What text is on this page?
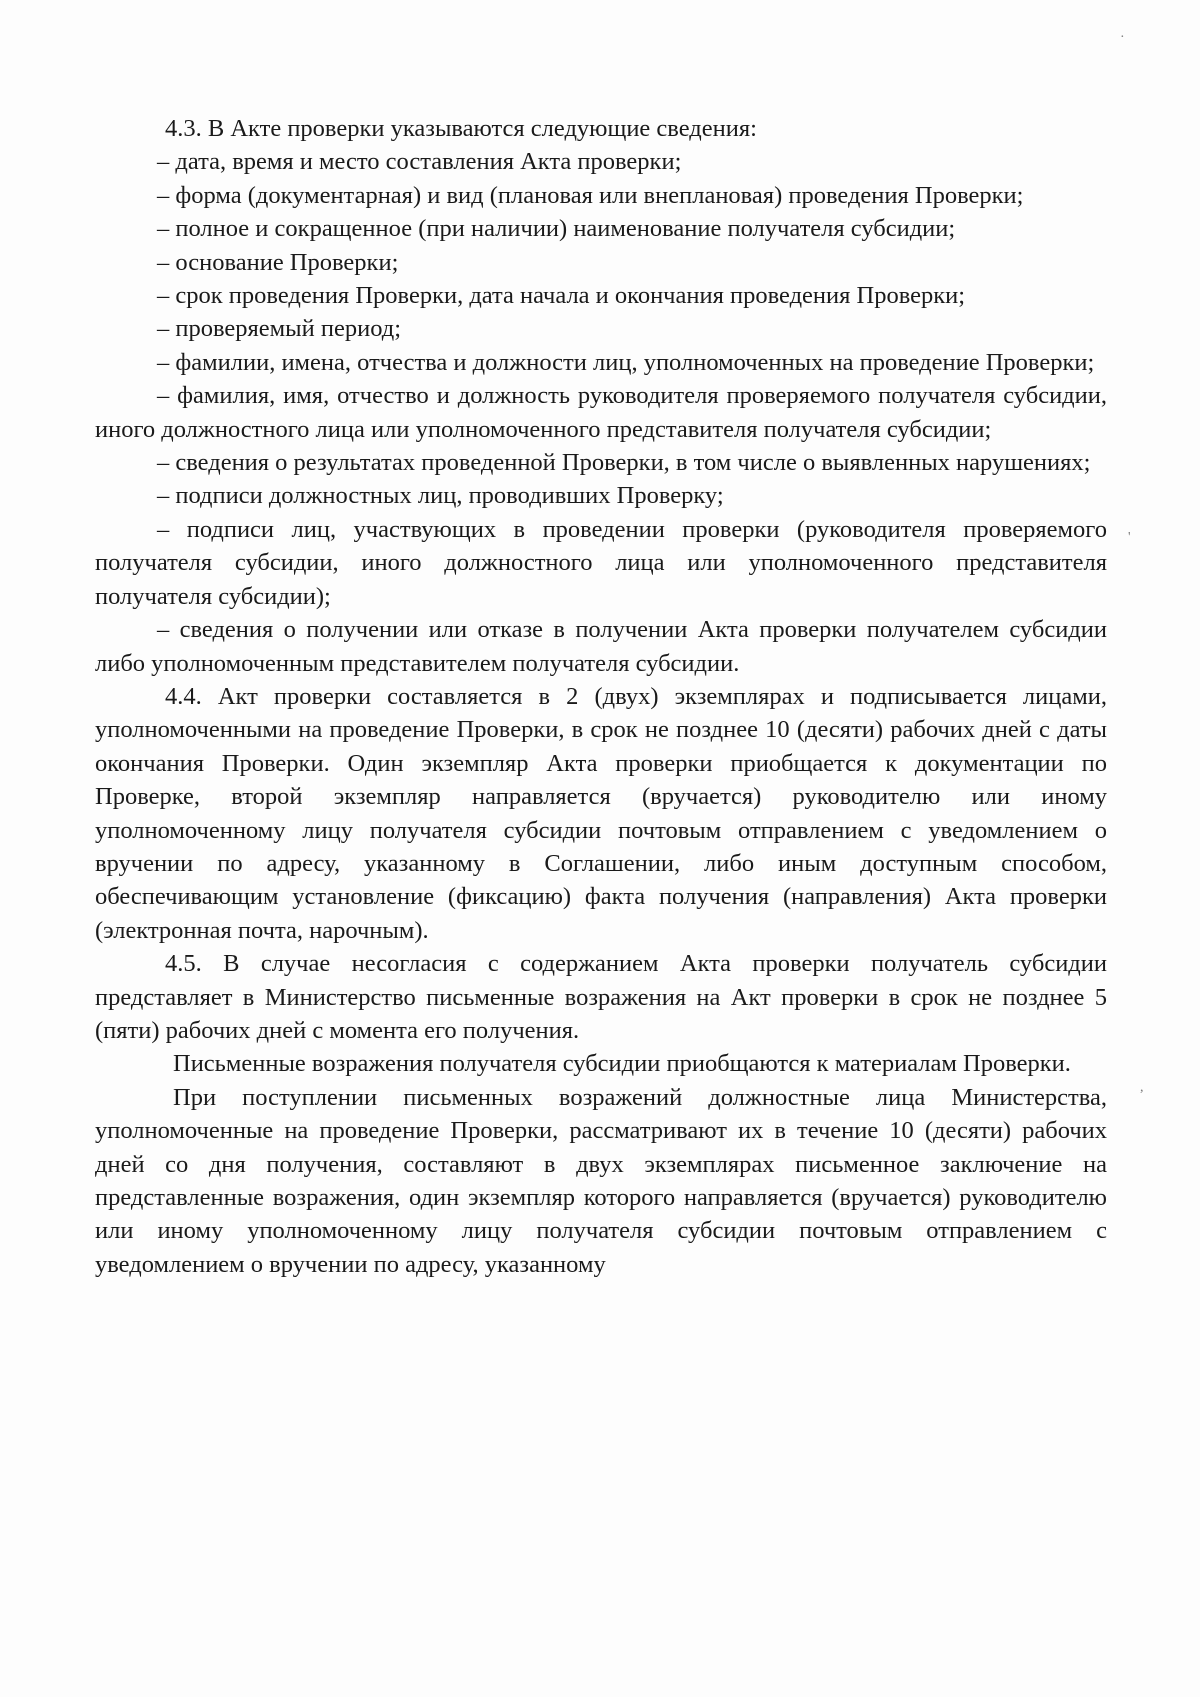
4.3. В Акте проверки указываются следующие сведения:

– дата, время и место составления Акта проверки;

– форма (документарная) и вид (плановая или внеплановая) проведения Проверки;

– полное и сокращенное (при наличии) наименование получателя субсидии;

– основание Проверки;

– срок проведения Проверки, дата начала и окончания проведения Проверки;

– проверяемый период;

– фамилии, имена, отчества и должности лиц, уполномоченных на проведение Проверки;

– фамилия, имя, отчество и должность руководителя проверяемого получателя субсидии, иного должностного лица или уполномоченного представителя получателя субсидии;

– сведения о результатах проведенной Проверки, в том числе о выявленных нарушениях;

– подписи должностных лиц, проводивших Проверку;

– подписи лиц, участвующих в проведении проверки (руководителя проверяемого получателя субсидии, иного должностного лица или уполномоченного представителя получателя субсидии);

– сведения о получении или отказе в получении Акта проверки получателем субсидии либо уполномоченным представителем получателя субсидии.

4.4. Акт проверки составляется в 2 (двух) экземплярах и подписывается лицами, уполномоченными на проведение Проверки, в срок не позднее 10 (десяти) рабочих дней с даты окончания Проверки. Один экземпляр Акта проверки приобщается к документации по Проверке, второй экземпляр направляется (вручается) руководителю или иному уполномоченному лицу получателя субсидии почтовым отправлением с уведомлением о вручении по адресу, указанному в Соглашении, либо иным доступным способом, обеспечивающим установление (фиксацию) факта получения (направления) Акта проверки (электронная почта, нарочным).

4.5. В случае несогласия с содержанием Акта проверки получатель субсидии представляет в Министерство письменные возражения на Акт проверки в срок не позднее 5 (пяти) рабочих дней с момента его получения.

Письменные возражения получателя субсидии приобщаются к материалам Проверки.

При поступлении письменных возражений должностные лица Министерства, уполномоченные на проведение Проверки, рассматривают их в течение 10 (десяти) рабочих дней со дня получения, составляют в двух экземплярах письменное заключение на представленные возражения, один экземпляр которого направляется (вручается) руководителю или иному уполномоченному лицу получателя субсидии почтовым отправлением с уведомлением о вручении по адресу, указанному

·
'
,
